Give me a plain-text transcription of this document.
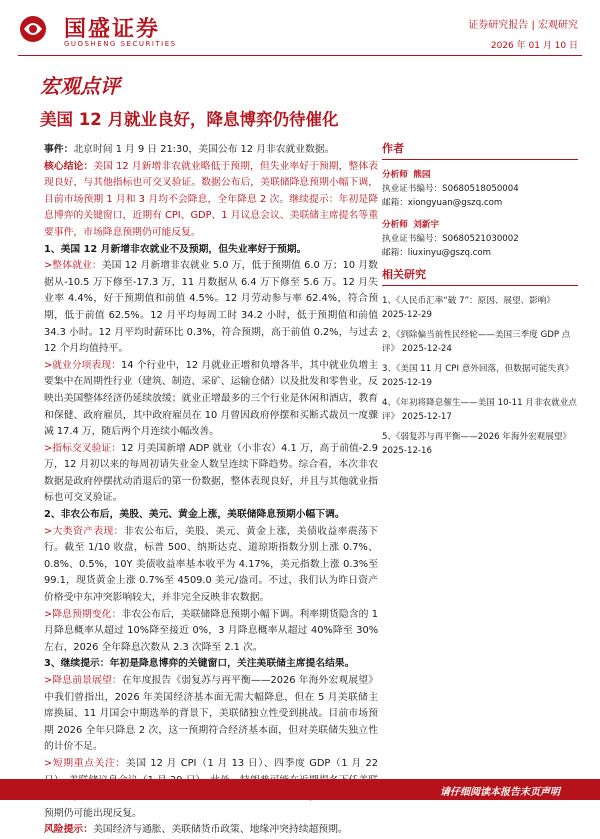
国盛证券
GUOSHENG SECURITIES
证券研究报告 | 宏观研究
2026 年 01 月 10 日
宏观点评
美国 12 月就业良好，降息博弈仍待催化

事件：北京时间 1 月 9 日 21:30，美国公布 12 月非农就业数据。

核心结论：美国 12 月新增非农就业略低于预期，但失业率好于预期，整体表现良好，与其他指标也可交叉验证。数据公布后，美联储降息预期小幅下调，目前市场预期 1 月和 3 月均不会降息，全年降息 2 次。继续提示：年初是降息博弈的关键窗口，近期有 CPI、GDP、1 月议息会议、美联储主席提名等重要事件，市场降息预期仍可能反复。

1、美国 12 月新增非农就业不及预期，但失业率好于预期。

>整体就业：美国 12 月新增非农就业 5.0 万，低于预期值 6.0 万；10 月数据从-10.5 万下修至-17.3 万，11 月数据从 6.4 万下修至 5.6 万。12 月失业率 4.4%，好于预期值和前值 4.5%。12 月劳动参与率 62.4%，符合预期，低于前值 62.5%。12 月平均每周工时 34.2 小时，低于预期值和前值 34.3 小时。12 月平均时薪环比 0.3%，符合预期，高于前值 0.2%，与过去 12 个月均值持平。

>就业分项表现：14 个行业中，12 月就业正增和负增各半，其中就业负增主要集中在周期性行业（建筑、制造、采矿、运输仓储）以及批发和零售业，反映出美国整体经济仍延续放缓；就业正增最多的三个行业是休闲和酒店，教育和保健、政府雇员，其中政府雇员在 10 月曾因政府停摆和买断式裁员一度骤减 17.4 万，随后两个月连续小幅改善。

>指标交叉验证：12 月美国新增 ADP 就业（小非农）4.1 万，高于前值-2.9 万，12 月初以来的每周初请失业金人数呈连续下降趋势。综合看，本次非农数据是政府停摆扰动消退后的第一份数据，整体表现良好，并且与其他就业指标也可交叉验证。

2、非农公布后，美股、美元、黄金上涨，美联储降息预期小幅下调。

>大类资产表现：非农公布后，美股、美元、黄金上涨，美债收益率震荡下行。截至 1/10 收盘，标普 500、纳斯达克、道琼斯指数分别上涨 0.7%、0.8%、0.5%，10Y 美债收益率基本收平为 4.17%，美元指数上涨 0.3%至 99.1，现货黄金上涨 0.7%至 4509.0 美元/盎司。不过，我们认为昨日资产价格受中东冲突影响较大，并非完全反映非农数据。

>降息预期变化：非农公布后，美联储降息预期小幅下调。利率期货隐含的 1 月降息概率从超过 10%降至接近 0%，3 月降息概率从超过 40%降至 30%左右，2026 全年降息次数从 2.3 次降至 2.1 次。

3、继续提示：年初是降息博弈的关键窗口，关注美联储主席提名结果。

>降息前景展望：在年度报告《弱复苏与再平衡——2026 年海外宏观展望》中我们曾指出，2026 年美国经济基本面无需大幅降息，但在 5 月美联储主席换届、11 月国会中期选举的背景下，美联储独立性受到挑战。目前市场预期 2026 全年只降息 2 次，这一预期符合经济基本面，但对美联储失独立性的计价不足。

>短期重点关注：美国 12 月 CPI（1 月 13 日）、四季度 GDP（1 月 22 预期仍可能出现反复。

风险提示：美国经济与通胀、美联储货币政策、地缘冲突持续超预期。

作者
分析师 熊园
执业证书编号：S0680518050004
邮箱：xiongyuan@gszq.com
分析师 刘新宇
执业证书编号：S0680521030002
邮箱：liuxinyu@gszq.com
相关研究
1、《人民币汇率“破 7”：原因、展望、影响》 2025-12-29
2、《到除偏当前性民经轮——美国三季度 GDP 点评》 2025-12-24
3、《美国 11 月 CPI 意外回落，但数据可能失真》 2025-12-19
4、《年初将降息催生——美国 10-11 月非农就业点评》 2025-12-17
5、《弱复苏与再平衡——2026 年海外宏观展望》 2025-12-16
请仔细阅读本报告末页声明
